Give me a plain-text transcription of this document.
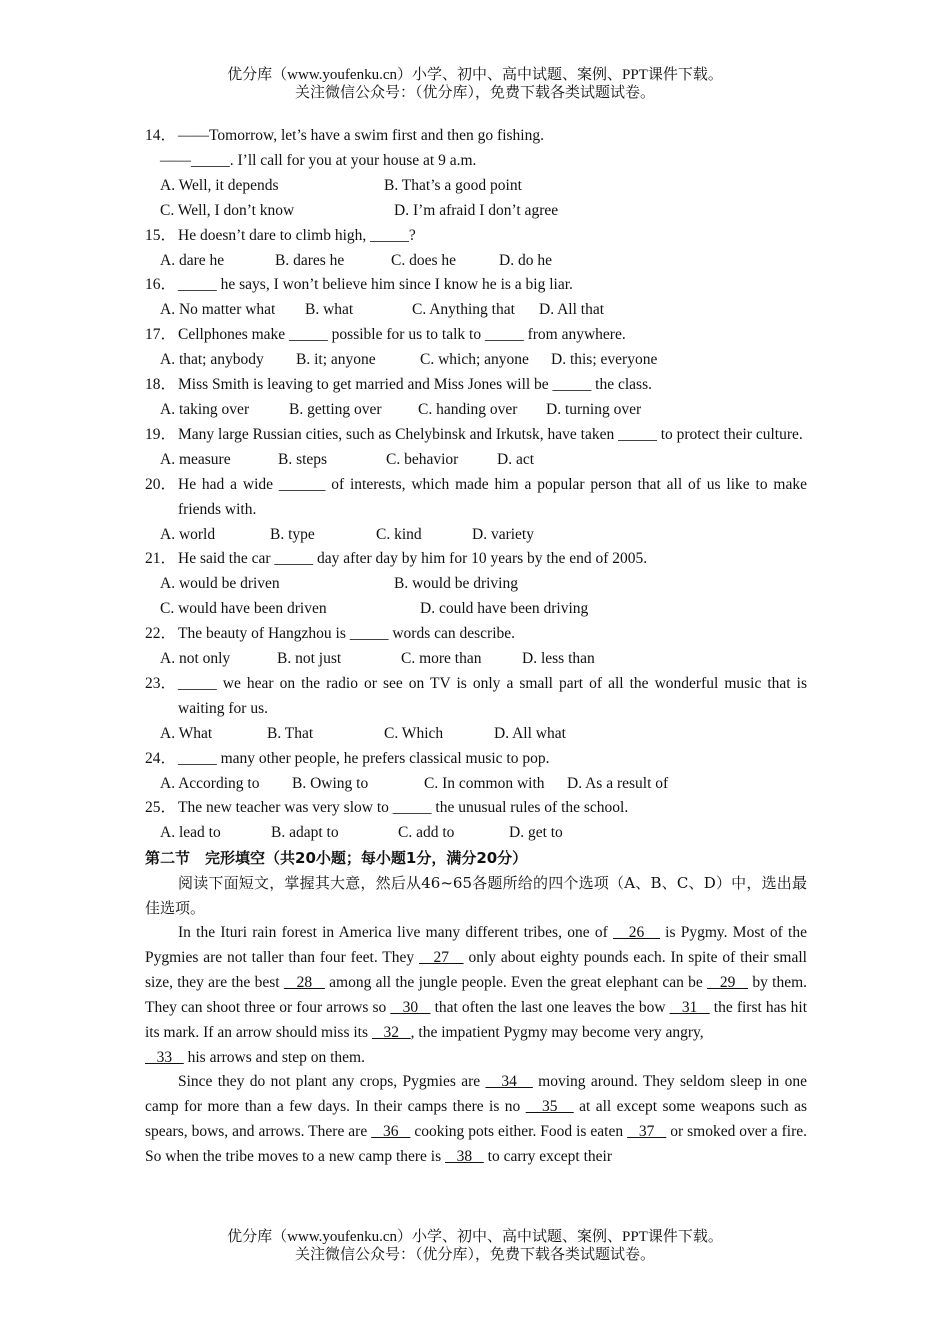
优分库（www.youfenku.cn）小学、初中、高中试题、案例、PPT课件下载。
关注微信公众号：（优分库），免费下载各类试题试卷。
14． ——Tomorrow, let’s have a swim first and then go fishing.
——_____. I’ll call for you at your house at 9 a.m.
A. Well, it depends	B. That’s a good point
C. Well, I don’t know	D. I’m afraid I don’t agree
15． He doesn’t dare to climb high, _____?
A. dare he	B. dares he	C. does he	D. do he
16． _____ he says, I won’t believe him since I know he is a big liar.
A. No matter what B. what	C. Anything that D. All that
17． Cellphones make _____ possible for us to talk to _____ from anywhere.
A. that; anybody B. it; anyone	C. which; anyone D. this; everyone
18． Miss Smith is leaving to get married and Miss Jones will be _____ the class.
A. taking over	B. getting over C. handing over D. turning over
19． Many large Russian cities, such as Chelybinsk and Irkutsk, have taken _____ to protect their culture.
A. measure	B. steps	C. behavior D. act
20． He had a wide ______ of interests, which made him a popular person that all of us like to make friends with.
A. world	B. type	C. kind	D. variety
21． He said the car _____ day after day by him for 10 years by the end of 2005.
A. would be driven	B. would be driving
C. would have been driven	D. could have been driving
22． The beauty of Hangzhou is _____ words can describe.
A. not only	B. not just	C. more than	D. less than
23． _____ we hear on the radio or see on TV is only a small part of all the wonderful music that is waiting for us.
A. What	B. That	C. Which	D. All what
24． _____ many other people, he prefers classical music to pop.
A. According to B. Owing to	C. In common with D. As a result of
25． The new teacher was very slow to _____ the unusual rules of the school.
A. lead to	B. adapt to	C. add to	D. get to
第二节　完形填空（共20小题；每小题1分，满分20分）
阅读下面短文，掌握其大意，然后从46~65各题所给的四个选项（A、B、C、D）中，选出最佳选项。
In the Ituri rain forest in America live many different tribes, one of    26    is Pygmy. Most of the Pygmies are not taller than four feet. They    27    only about eighty pounds each. In spite of their small size, they are the best    28    among all the jungle people. Even the great elephant can be    29    by them. They can shoot three or four arrows so    30    that often the last one leaves the bow    31    the first has hit its mark. If an arrow should miss its    32   , the impatient Pygmy may become very angry,
33    his arrows and step on them.
Since they do not plant any crops, Pygmies are    34    moving around. They seldom sleep in one camp for more than a few days. In their camps there is no    35    at all except some weapons such as spears, bows, and arrows. There are    36    cooking pots either. Food is eaten    37    or smoked over a fire. So when the tribe moves to a new camp there is    38    to carry except their
优分库（www.youfenku.cn）小学、初中、高中试题、案例、PPT课件下载。
关注微信公众号：（优分库），免费下载各类试题试卷。
